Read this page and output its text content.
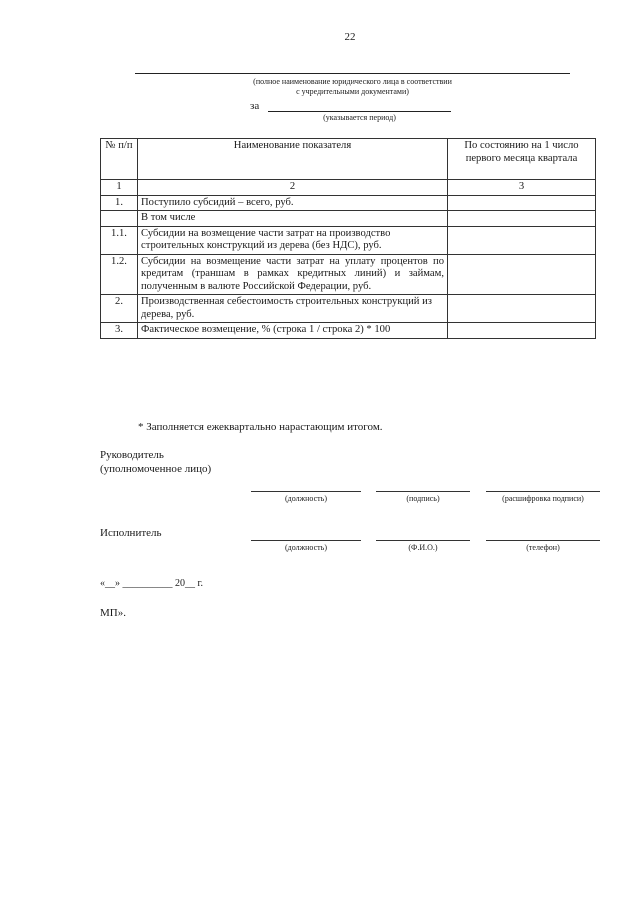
22
(полное наименование юридического лица в соответствии
с учредительными документами)
за
(указывается период)
№ п/п	Наименование показателя	По состоянию на 1 число первого месяца квартала
1	2	3
1.	Поступило субсидий – всего, руб.	
	В том числе	
1.1.	Субсидии на возмещение части затрат на производство строительных конструкций из дерева (без НДС), руб.	
1.2.	Субсидии на возмещение части затрат на уплату процентов по кредитам (траншам в рамках кредитных линий) и займам, полученным в валюте Российской Федерации, руб.	
2.	Производственная себестоимость строительных конструкций из дерева, руб.	
3.	Фактическое возмещение, % (строка 1 / строка 2) * 100	
* Заполняется ежеквартально нарастающим итогом.
Руководитель (уполномоченное лицо)
(должность)	(подпись)	(расшифровка подписи)
Исполнитель
(должность)	(Ф.И.О.)	(телефон)
«__» __________ 20__ г.
МП».
